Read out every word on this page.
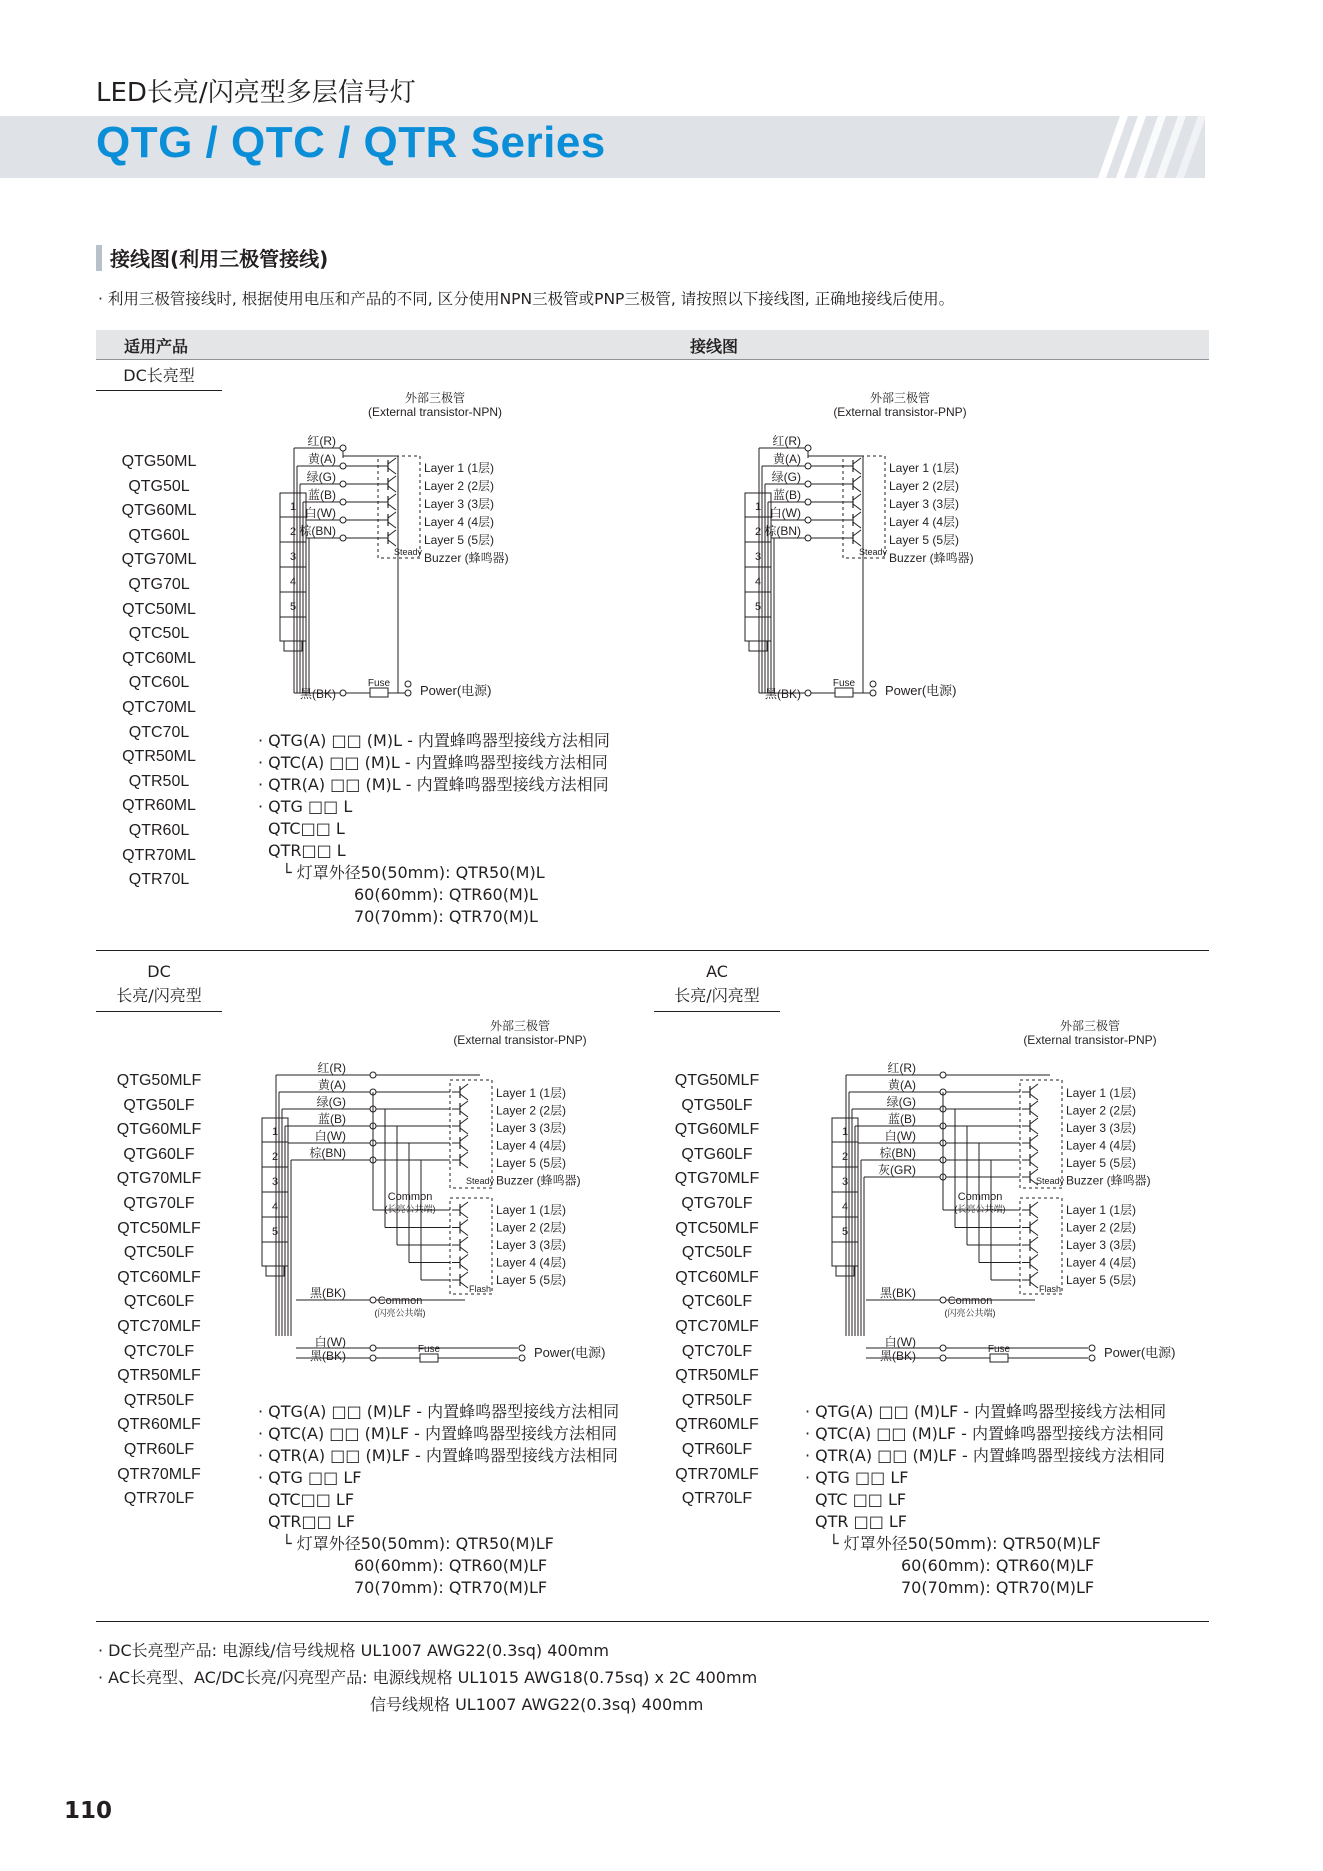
LED长亮/闪亮型多层信号灯
QTG / QTC / QTR Series
接线图(利用三极管接线)
· 利用三极管接线时, 根据使用电压和产品的不同, 区分使用NPN三极管或PNP三极管, 请按照以下接线图, 正确地接线后使用。
适用产品	接线图
DC长亮型
QTG50ML
QTG50L
QTG60ML
QTG60L
QTG70ML
QTG70L
QTC50ML
QTC50L
QTC60ML
QTC60L
QTC70ML
QTC70L
QTR50ML
QTR50L
QTR60ML
QTR60L
QTR70ML
QTR70L
外部三极管
(External transistor-NPN)
1
2
3
4
5
红(R)
黄(A)
绿(G)
蓝(B)
白(W)
棕(BN)
Steady
Layer 1 (1层)
Layer 2 (2层)
Layer 3 (3层)
Layer 4 (4层)
Layer 5 (5层)
Buzzer (蜂鸣器)
黑(BK)
Fuse Power(电源)
外部三极管
(External transistor-PNP)
1
2
3
4
5
红(R)
黄(A)
绿(G)
蓝(B)
白(W)
棕(BN)
Steady
Layer 1 (1层)
Layer 2 (2层)
Layer 3 (3层)
Layer 4 (4层)
Layer 5 (5层)
Buzzer (蜂鸣器)
黑(BK)
Fuse Power(电源)
· QTG(A) □□ (M)L - 内置蜂鸣器型接线方法相同
· QTC(A) □□ (M)L - 内置蜂鸣器型接线方法相同
· QTR(A) □□ (M)L - 内置蜂鸣器型接线方法相同
· QTG □□ L
QTC□□ L
QTR□□ L
└ 灯罩外径50(50mm): QTR50(M)L
60(60mm): QTR60(M)L
70(70mm): QTR70(M)L
DC
长亮/闪亮型
QTG50MLF
QTG50LF
QTG60MLF
QTG60LF
QTG70MLF
QTG70LF
QTC50MLF
QTC50LF
QTC60MLF
QTC60LF
QTC70MLF
QTC70LF
QTR50MLF
QTR50LF
QTR60MLF
QTR60LF
QTR70MLF
QTR70LF
AC
长亮/闪亮型
QTG50MLF
QTG50LF
QTG60MLF
QTG60LF
QTG70MLF
QTG70LF
QTC50MLF
QTC50LF
QTC60MLF
QTC60LF
QTC70MLF
QTC70LF
QTR50MLF
QTR50LF
QTR60MLF
QTR60LF
QTR70MLF
QTR70LF
外部三极管
(External transistor-PNP)
1
2
3
4
5
红(R)
黄(A)
绿(G)
蓝(B)
白(W)
棕(BN)
Steady
Flash
Layer 1 (1层)
Layer 2 (2层)
Layer 3 (3层)
Layer 4 (4层)
Layer 5 (5层)
Buzzer (蜂鸣器)
Layer 1 (1层)
Layer 2 (2层)
Layer 3 (3层)
Layer 4 (4层)
Layer 5 (5层)
Common
(长亮公共端)
Common
(闪亮公共端)
黑(BK)
白(W)
黑(BK)	Fuse	Power(电源)
外部三极管
(External transistor-PNP)
1
2
3
4
5
红(R)
黄(A)
绿(G)
蓝(B)
白(W)
棕(BN)
灰(GR)
Steady
Flash
Layer 1 (1层)
Layer 2 (2层)
Layer 3 (3层)
Layer 4 (4层)
Layer 5 (5层)
Buzzer (蜂鸣器)
Layer 1 (1层)
Layer 2 (2层)
Layer 3 (3层)
Layer 4 (4层)
Layer 5 (5层)
Common
(长亮公共端)
Common
(闪亮公共端)
黑(BK)
白(W)
黑(BK)	Fuse	Power(电源)
· QTG(A) □□ (M)LF - 内置蜂鸣器型接线方法相同
· QTC(A) □□ (M)LF - 内置蜂鸣器型接线方法相同
· QTR(A) □□ (M)LF - 内置蜂鸣器型接线方法相同
· QTG □□ LF
QTC□□ LF
QTR□□ LF
└ 灯罩外径50(50mm): QTR50(M)LF
60(60mm): QTR60(M)LF
70(70mm): QTR70(M)LF
· QTG(A) □□ (M)LF - 内置蜂鸣器型接线方法相同
· QTC(A) □□ (M)LF - 内置蜂鸣器型接线方法相同
· QTR(A) □□ (M)LF - 内置蜂鸣器型接线方法相同
· QTG □□ LF
QTC □□ LF
QTR □□ LF
└ 灯罩外径50(50mm): QTR50(M)LF
60(60mm): QTR60(M)LF
70(70mm): QTR70(M)LF
· DC长亮型产品: 电源线/信号线规格 UL1007 AWG22(0.3sq) 400mm
· AC长亮型、AC/DC长亮/闪亮型产品: 电源线规格 UL1015 AWG18(0.75sq) x 2C 400mm
信号线规格 UL1007 AWG22(0.3sq) 400mm
110
